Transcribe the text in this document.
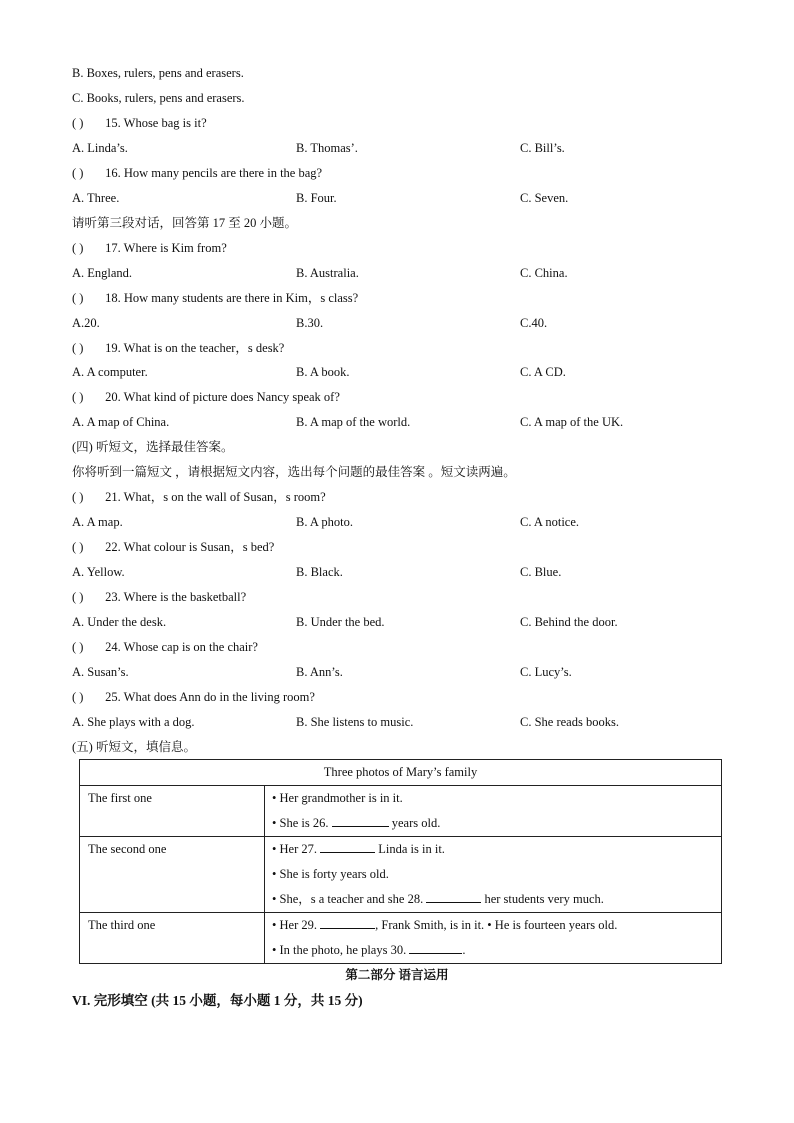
B. Boxes, rulers, pens and erasers.
C. Books, rulers, pens and erasers.
( ) 15. Whose bag is it?
A. Linda’s.	B. Thomas’.	C. Bill’s.
( ) 16. How many pencils are there in the bag?
A. Three.	B. Four.	C. Seven.
请听第三段对话，回答第 17 至 20 小题。
( ) 17. Where is Kim from?
A. England.	B. Australia.	C. China.
( ) 18. How many students are there in Kim，s class?
A.20.	B.30.	C.40.
( ) 19. What is on the teacher，s desk?
A. A computer.	B. A book.	C. A CD.
( ) 20. What kind of picture does Nancy speak of?
A. A map of China.	B. A map of the world.	C. A map of the UK.
(四) 听短文，选择最佳答案。
你将听到一篇短文 ，请根据短文内容，选出每个问题的最佳答案 。短文读两遍。
( ) 21. What，s on the wall of Susan，s room?
A. A map.	B. A photo.	C. A notice.
( ) 22. What colour is Susan，s bed?
A. Yellow.	B. Black.	C. Blue.
( ) 23. Where is the basketball?
A. Under the desk.	B. Under the bed.	C. Behind the door.
( ) 24. Whose cap is on the chair?
A. Susan’s.	B. Ann’s.	C. Lucy’s.
( ) 25. What does Ann do in the living room?
A. She plays with a dog.	B. She listens to music.	C. She reads books.
(五) 听短文，填信息。
Three photos of Mary’s family	
The first one	• Her grandmother is in it.
• She is 26. years old.

The second one	• Her 27. Linda is in it.
• She is forty years old.
• She，s a teacher and she 28. her students very much.

The third one	• Her 29. , Frank Smith, is in it. • He is fourteen years old.
• In the photo, he plays 30. .
第二部分 语言运用
VI. 完形填空 (共 15 小题，每小题 1 分，共 15 分)
